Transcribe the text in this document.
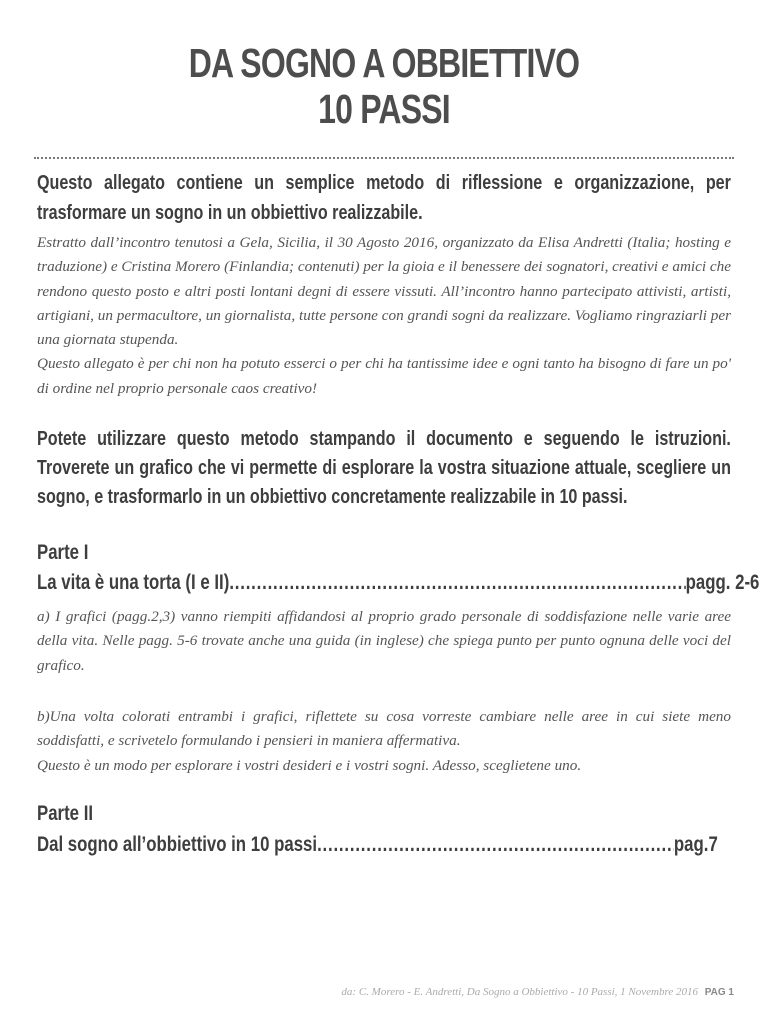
DA SOGNO A OBBIETTIVO
10 PASSI
Questo allegato contiene un semplice metodo di riflessione e organizzazione, per trasformare un sogno in un obbiettivo realizzabile.

Estratto dall’incontro tenutosi a Gela, Sicilia, il 30 Agosto 2016, organizzato da Elisa Andretti (Italia; hosting e traduzione) e Cristina Morero (Finlandia; contenuti) per la gioia e il benessere dei sognatori, creativi e amici che rendono questo posto e altri posti lontani degni di essere vissuti. All’incontro hanno partecipato attivisti, artisti, artigiani, un permacultore, un giornalista, tutte persone con grandi sogni da realizzare. Vogliamo ringraziarli per una giornata stupenda.

Questo allegato è per chi non ha potuto esserci o per chi ha tantissime idee e ogni tanto ha bisogno di fare un po' di ordine nel proprio personale caos creativo!

Potete utilizzare questo metodo stampando il documento e seguendo le istruzioni. Troverete un grafico che vi permette di esplorare la vostra situazione attuale, scegliere un sogno, e trasformarlo in un obbiettivo concretamente realizzabile in 10 passi.
Parte I
La vita è una torta (I e II) .....	pagg. 2-6

a) I grafici (pagg.2,3) vanno riempiti affidandosi al proprio grado personale di soddisfazione nelle varie aree della vita. Nelle pagg. 5-6 trovate anche una guida (in inglese) che spiega punto per punto ognuna delle voci del grafico.

b)Una volta colorati entrambi i grafici, riflettete su cosa vorreste cambiare nelle aree in cui siete meno soddisfatti, e scrivetelo formulando i pensieri in maniera affermativa.

Questo è un modo per esplorare i vostri desideri e i vostri sogni. Adesso, sceglietene uno.

Parte II
Dal sogno all’obbiettivo in 10 passi .....	pag.7
da: C. Morero - E. Andretti, Da Sogno a Obbiettivo - 10 Passi, 1 Novembre 2016 PAG 1
